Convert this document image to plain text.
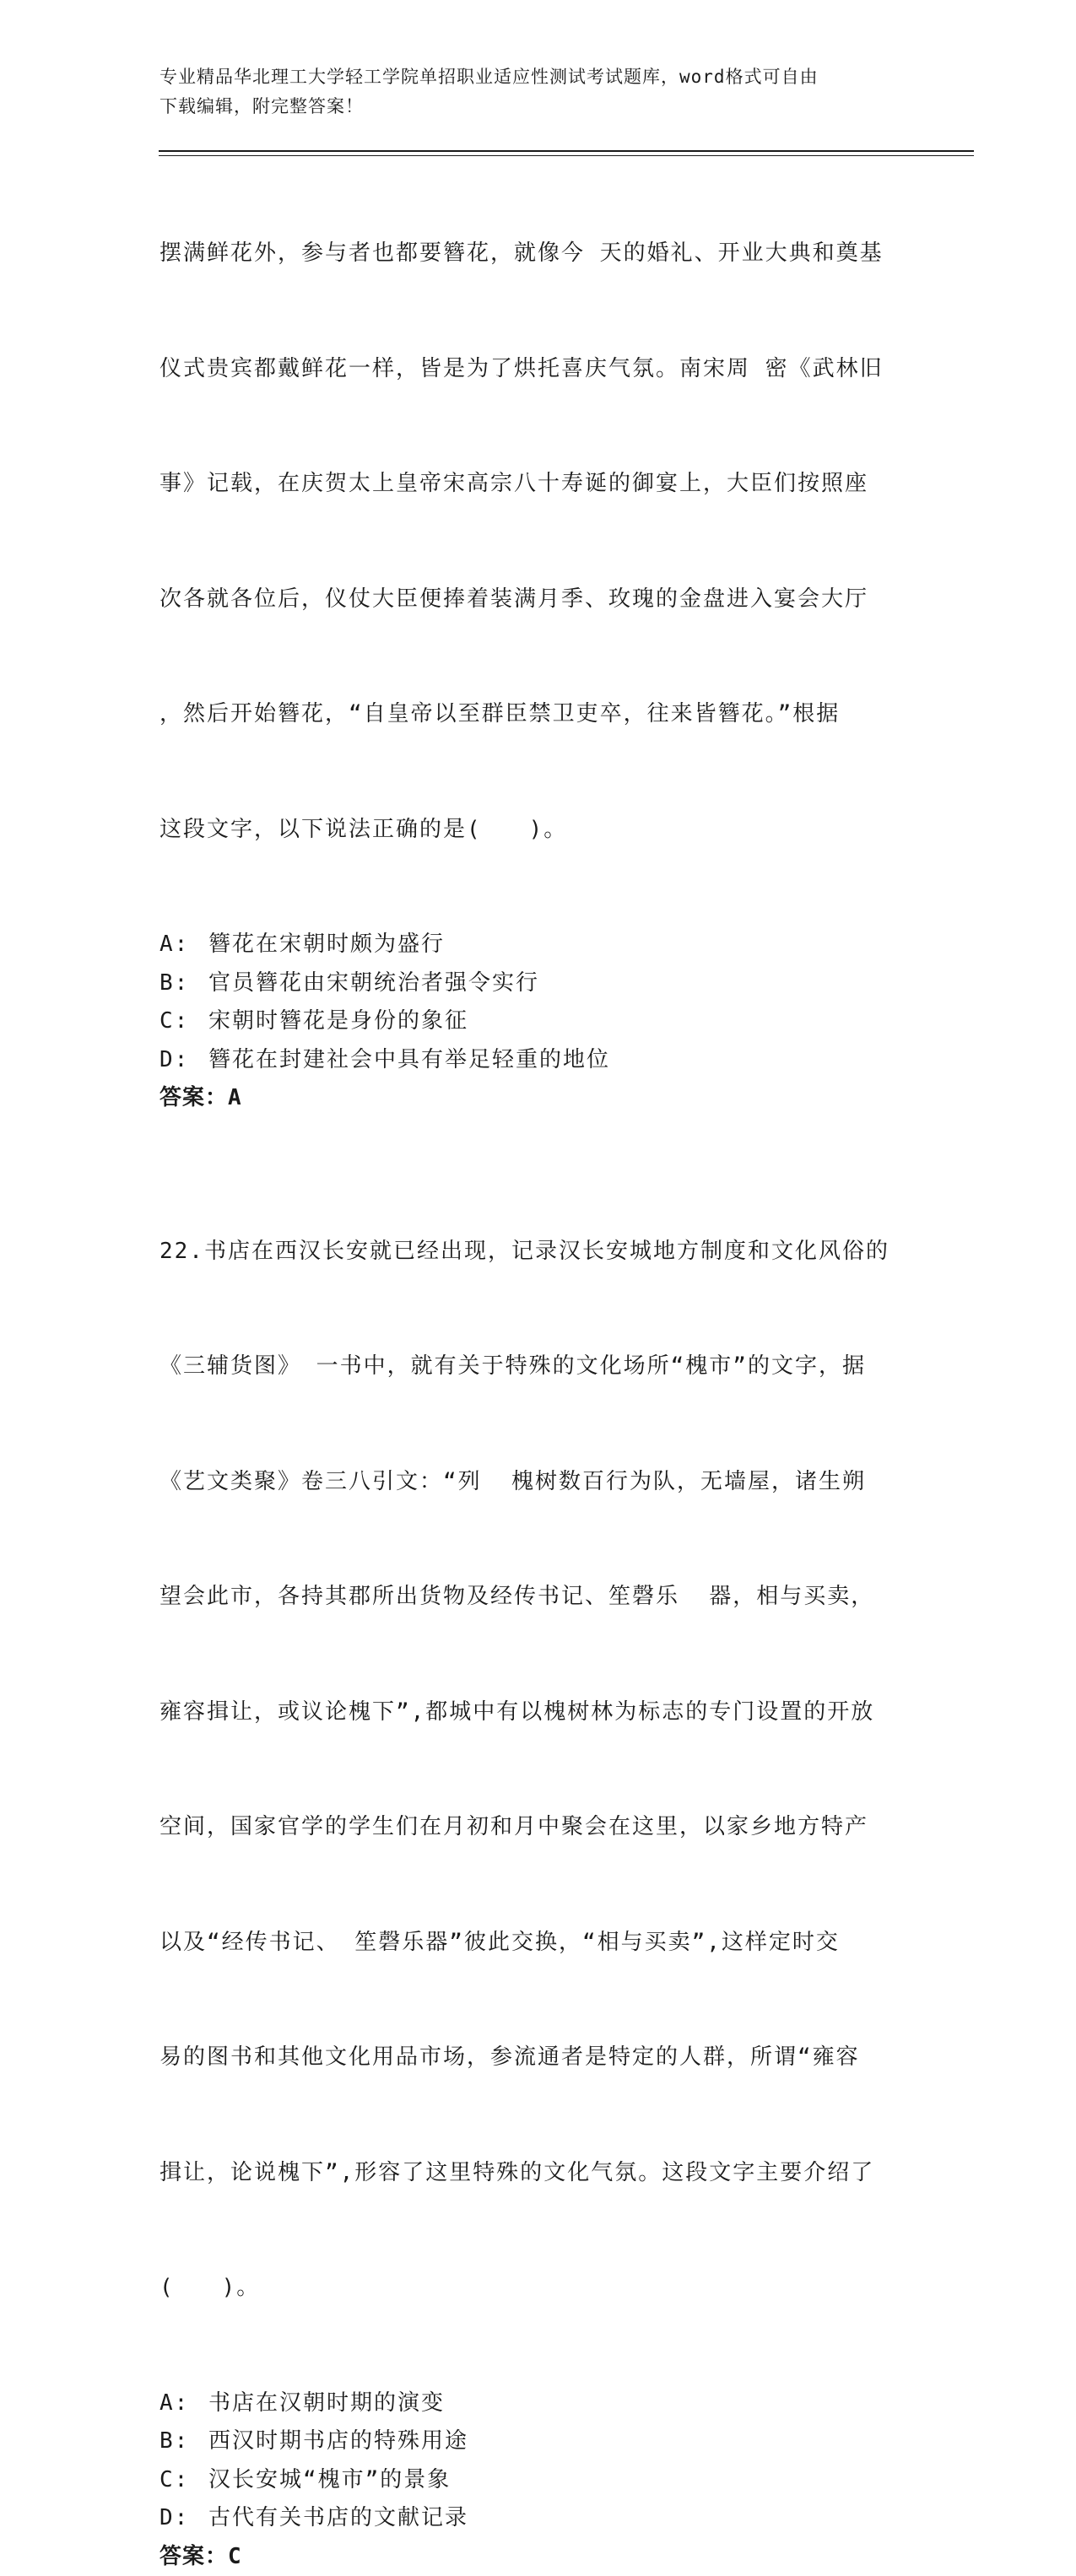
专业精品华北理工大学轻工学院单招职业适应性测试考试题库，word格式可自由
下载编辑，附完整答案！

摆满鲜花外，参与者也都要簪花，就像今 天的婚礼、开业大典和奠基

仪式贵宾都戴鲜花一样，皆是为了烘托喜庆气氛。南宋周 密《武林旧

事》记载，在庆贺太上皇帝宋高宗八十寿诞的御宴上，大臣们按照座

次各就各位后，仪仗大臣便捧着装满月季、玫瑰的金盘进入宴会大厅

，然后开始簪花，“自皇帝以至群臣禁卫吏卒，往来皆簪花。”根据

这段文字，以下说法正确的是(　　)。

A: 簪花在宋朝时颇为盛行
B: 官员簪花由宋朝统治者强令实行
C: 宋朝时簪花是身份的象征
D: 簪花在封建社会中具有举足轻重的地位
答案：A

22.书店在西汉长安就已经出现，记录汉长安城地方制度和文化风俗的

《三辅货图》 一书中，就有关于特殊的文化场所“槐市”的文字，据

《艺文类聚》卷三八引文：“列  槐树数百行为队，无墙屋，诸生朔

望会此市，各持其郡所出货物及经传书记、笙磬乐  器，相与买卖，

雍容揖让，或议论槐下”,都城中有以槐树林为标志的专门设置的开放

空间，国家官学的学生们在月初和月中聚会在这里，以家乡地方特产

以及“经传书记、 笙磬乐器”彼此交换，“相与买卖”,这样定时交

易的图书和其他文化用品市场，参流通者是特定的人群，所谓“雍容

揖让，论说槐下”,形容了这里特殊的文化气氛。这段文字主要介绍了

(　　)。

A: 书店在汉朝时期的演变
B: 西汉时期书店的特殊用途
C: 汉长安城“槐市”的景象
D: 古代有关书店的文献记录
答案：C
